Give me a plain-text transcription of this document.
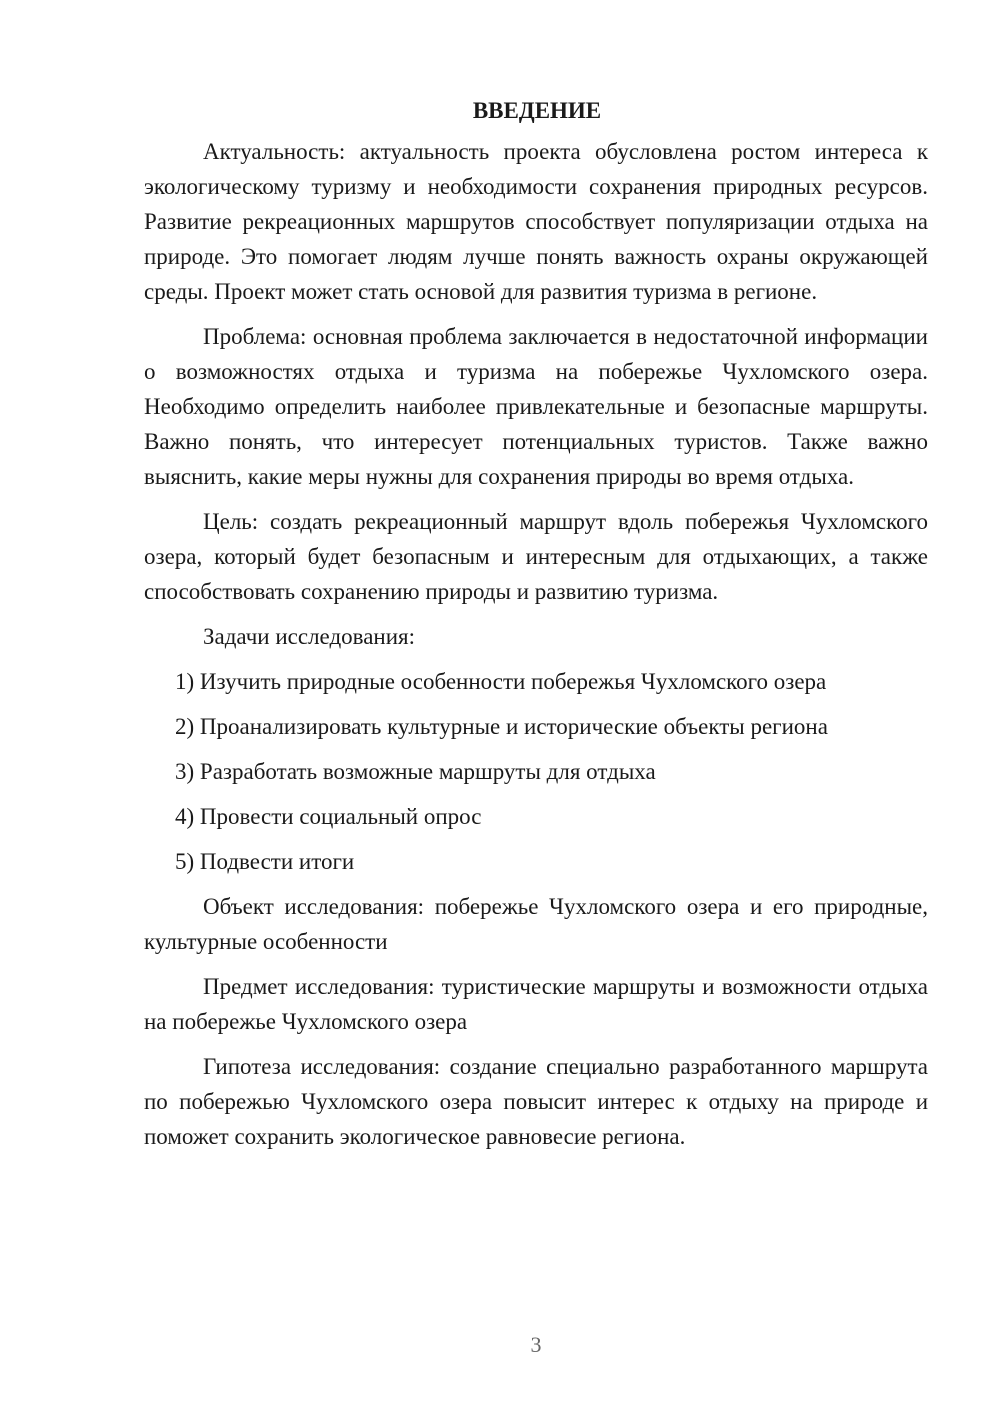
ВВЕДЕНИЕ

Актуальность: актуальность проекта обусловлена ростом интереса к экологическому туризму и необходимости сохранения природных ресурсов. Развитие рекреационных маршрутов способствует популяризации отдыха на природе. Это помогает людям лучше понять важность охраны окружающей среды. Проект может стать основой для развития туризма в регионе.

Проблема: основная проблема заключается в недостаточной информации о возможностях отдыха и туризма на побережье Чухломского озера. Необходимо определить наиболее привлекательные и безопасные маршруты. Важно понять, что интересует потенциальных туристов. Также важно выяснить, какие меры нужны для сохранения природы во время отдыха.

Цель: создать рекреационный маршрут вдоль побережья Чухломского озера, который будет безопасным и интересным для отдыхающих, а также способствовать сохранению природы и развитию туризма.

Задачи исследования:

1) Изучить природные особенности побережья Чухломского озера
2) Проанализировать культурные и исторические объекты региона
3) Разработать возможные маршруты для отдыха
4) Провести социальный опрос
5) Подвести итоги

Объект исследования: побережье Чухломского озера и его природные, культурные особенности

Предмет исследования: туристические маршруты и возможности отдыха на побережье Чухломского озера

Гипотеза исследования: создание специально разработанного маршрута по побережью Чухломского озера повысит интерес к отдыху на природе и поможет сохранить экологическое равновесие региона.

3
